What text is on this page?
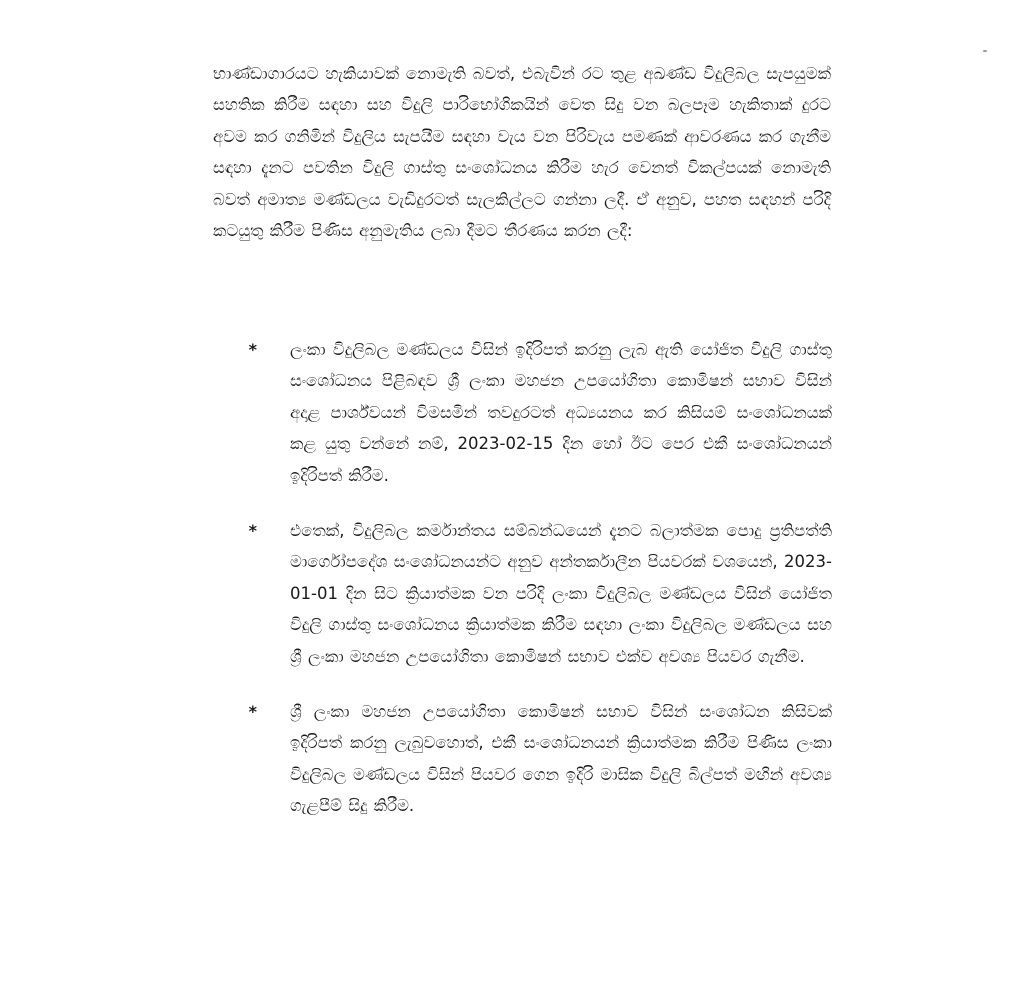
භාණ්ඩාගාරයට හැකියාවක් නොමැති බවත්, එබැවින් රට තුළ අඛණ්ඩ විදුලිබල සැපයුමක් සහතික කිරීම සඳහා සහ විදුලි පාරිභෝගිකයින් වෙත සිදු වන බලපෑම හැකිතාක් දුරට අවම කර ගනිමින් විදුලිය සැපයීම සඳහා වැය වන පිරිවැය පමණක් ආවරණය කර ගැනීම සඳහා දැනට පවතින විදුලි ගාස්තු සංශෝධනය කිරීම හැර වෙනත් විකල්පයක් නොමැති බවත් අමාත්‍ය මණ්ඩලය වැඩිදුරටත් සැලකිල්ලට ගන්නා ලදී. ඒ අනුව, පහත සඳහන් පරිදි කටයුතු කිරීම පිණිස අනුමැතිය ලබා දීමට තීරණය කරන ලදී:

* ලංකා විදුලිබල මණ්ඩලය විසින් ඉදිරිපත් කරනු ලැබ ඇති යෝජිත විදුලි ගාස්තු සංශෝධනය පිළිබඳව ශ්‍රී ලංකා මහජන උපයෝගිතා කොමිෂන් සභාව විසින් අදාළ පාර්ශ්වයන් විමසමින් තවදුරටත් අධ්‍යයනය කර කිසියම් සංශෝධනයක් කළ යුතු වන්නේ නම්, 2023-02-15 දින හෝ ඊට පෙර එකී සංශෝධනයන් ඉදිරිපත් කිරීම.
* එතෙක්, විදුලිබල කර්මාන්තය සම්බන්ධයෙන් දැනට බලාත්මක පොදු ප්‍රතිපත්ති මාර්ගෝපදේශ සංශෝධනයන්ට අනුව අන්තර්කාලීන පියවරක් වශයෙන්, 2023-01-01 දින සිට ක්‍රියාත්මක වන පරිදි ලංකා විදුලිබල මණ්ඩලය විසින් යෝජිත විදුලි ගාස්තු සංශෝධනය ක්‍රියාත්මක කිරීම සඳහා ලංකා විදුලිබල මණ්ඩලය සහ ශ්‍රී ලංකා මහජන උපයෝගිතා කොමිෂන් සභාව එක්ව අවශ්‍ය පියවර ගැනීම.
* ශ්‍රී ලංකා මහජන උපයෝගිතා කොමිෂන් සභාව විසින් සංශෝධන කිසිවක් ඉදිරිපත් කරනු ලැබුවහොත්, එකී සංශෝධනයන් ක්‍රියාත්මක කිරීම පිණිස ලංකා විදුලිබල මණ්ඩලය විසින් පියවර ගෙන ඉදිරි මාසික විදුලි බිල්පත් මඟින් අවශ්‍ය ගැළපීම් සිදු කිරීම.
